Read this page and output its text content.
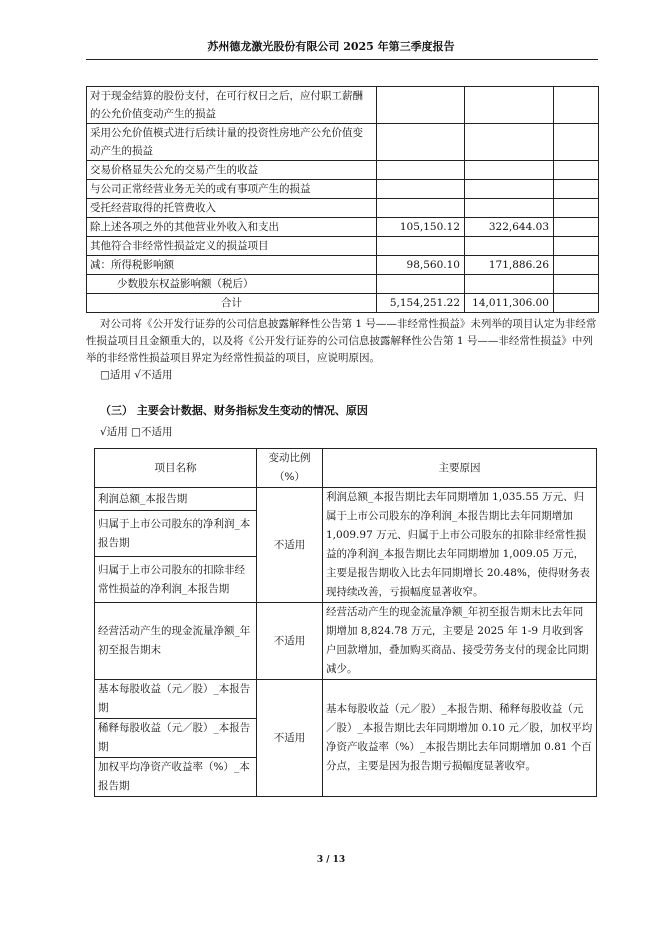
苏州德龙激光股份有限公司 2025 年第三季度报告
对于现金结算的股份支付，在可行权日之后，应付职工薪酬的公允价值变动产生的损益			
采用公允价值模式进行后续计量的投资性房地产公允价值变动产生的损益			
交易价格显失公允的交易产生的收益			
与公司正常经营业务无关的或有事项产生的损益			
受托经营取得的托管费收入			
除上述各项之外的其他营业外收入和支出	105,150.12	322,644.03	
其他符合非经常性损益定义的损益项目			
减：所得税影响额	98,560.10	171,886.26	
少数股东权益影响额（税后）			
合计	5,154,251.22	14,011,306.00	

对公司将《公开发行证券的公司信息披露解释性公告第 1 号——非经常性损益》未列举的项目认定为非经常性损益项目且金额重大的，以及将《公开发行证券的公司信息披露解释性公告第 1 号——非经常性损益》中列举的非经常性损益项目界定为经常性损益的项目，应说明原因。

□适用 √不适用

（三） 主要会计数据、财务指标发生变动的情况、原因
√适用 □不适用
项目名称	变动比例（%）	主要原因
利润总额_本报告期	不适用	利润总额_本报告期比去年同期增加 1,035.55 万元、归属于上市公司股东的净利润_本报告期比去年同期增加 1,009.97 万元、归属于上市公司股东的扣除非经常性损益的净利润_本报告期比去年同期增加 1,009.05 万元，主要是报告期收入比去年同期增长 20.48%，使得财务表现持续改善，亏损幅度显著收窄。
归属于上市公司股东的净利润_本报告期		
归属于上市公司股东的扣除非经常性损益的净利润_本报告期		
经营活动产生的现金流量净额_年初至报告期末	不适用	经营活动产生的现金流量净额_年初至报告期末比去年同期增加 8,824.78 万元，主要是 2025 年 1-9 月收到客户回款增加，叠加购买商品、接受劳务支付的现金比同期减少。
基本每股收益（元／股）_本报告期	不适用	基本每股收益（元／股）_本报告期、稀释每股收益（元／股）_本报告期比去年同期增加 0.10 元／股，加权平均净资产收益率（%）_本报告期比去年同期增加 0.81 个百分点，主要是因为报告期亏损幅度显著收窄。
稀释每股收益（元／股）_本报告期		
加权平均净资产收益率（%）_本报告期		
3 / 13
